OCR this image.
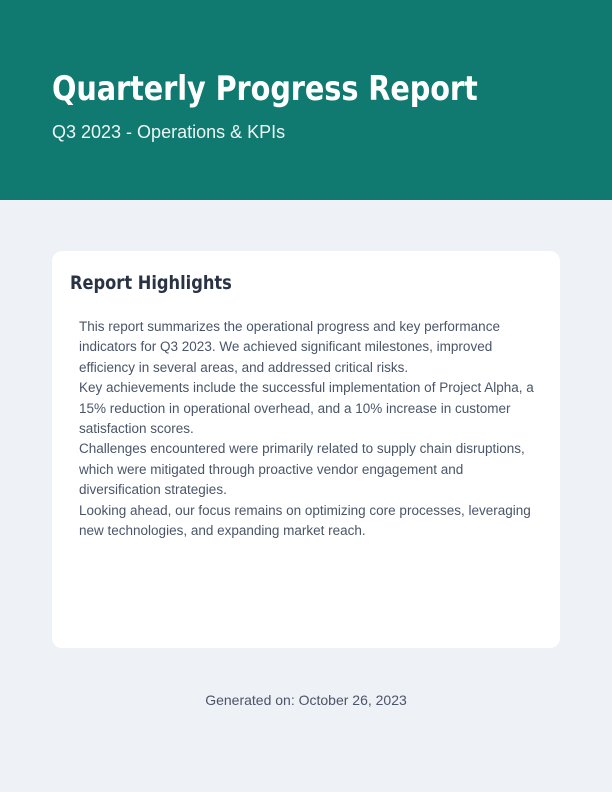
Quarterly Progress Report

Q3 2023 - Operations & KPIs

Report Highlights

This report summarizes the operational progress and key performance indicators for Q3 2023. We achieved significant milestones, improved efficiency in several areas, and addressed critical risks.

Key achievements include the successful implementation of Project Alpha, a 15% reduction in operational overhead, and a 10% increase in customer satisfaction scores.

Challenges encountered were primarily related to supply chain disruptions, which were mitigated through proactive vendor engagement and diversification strategies.

Looking ahead, our focus remains on optimizing core processes, leveraging new technologies, and expanding market reach.

Generated on: October 26, 2023
